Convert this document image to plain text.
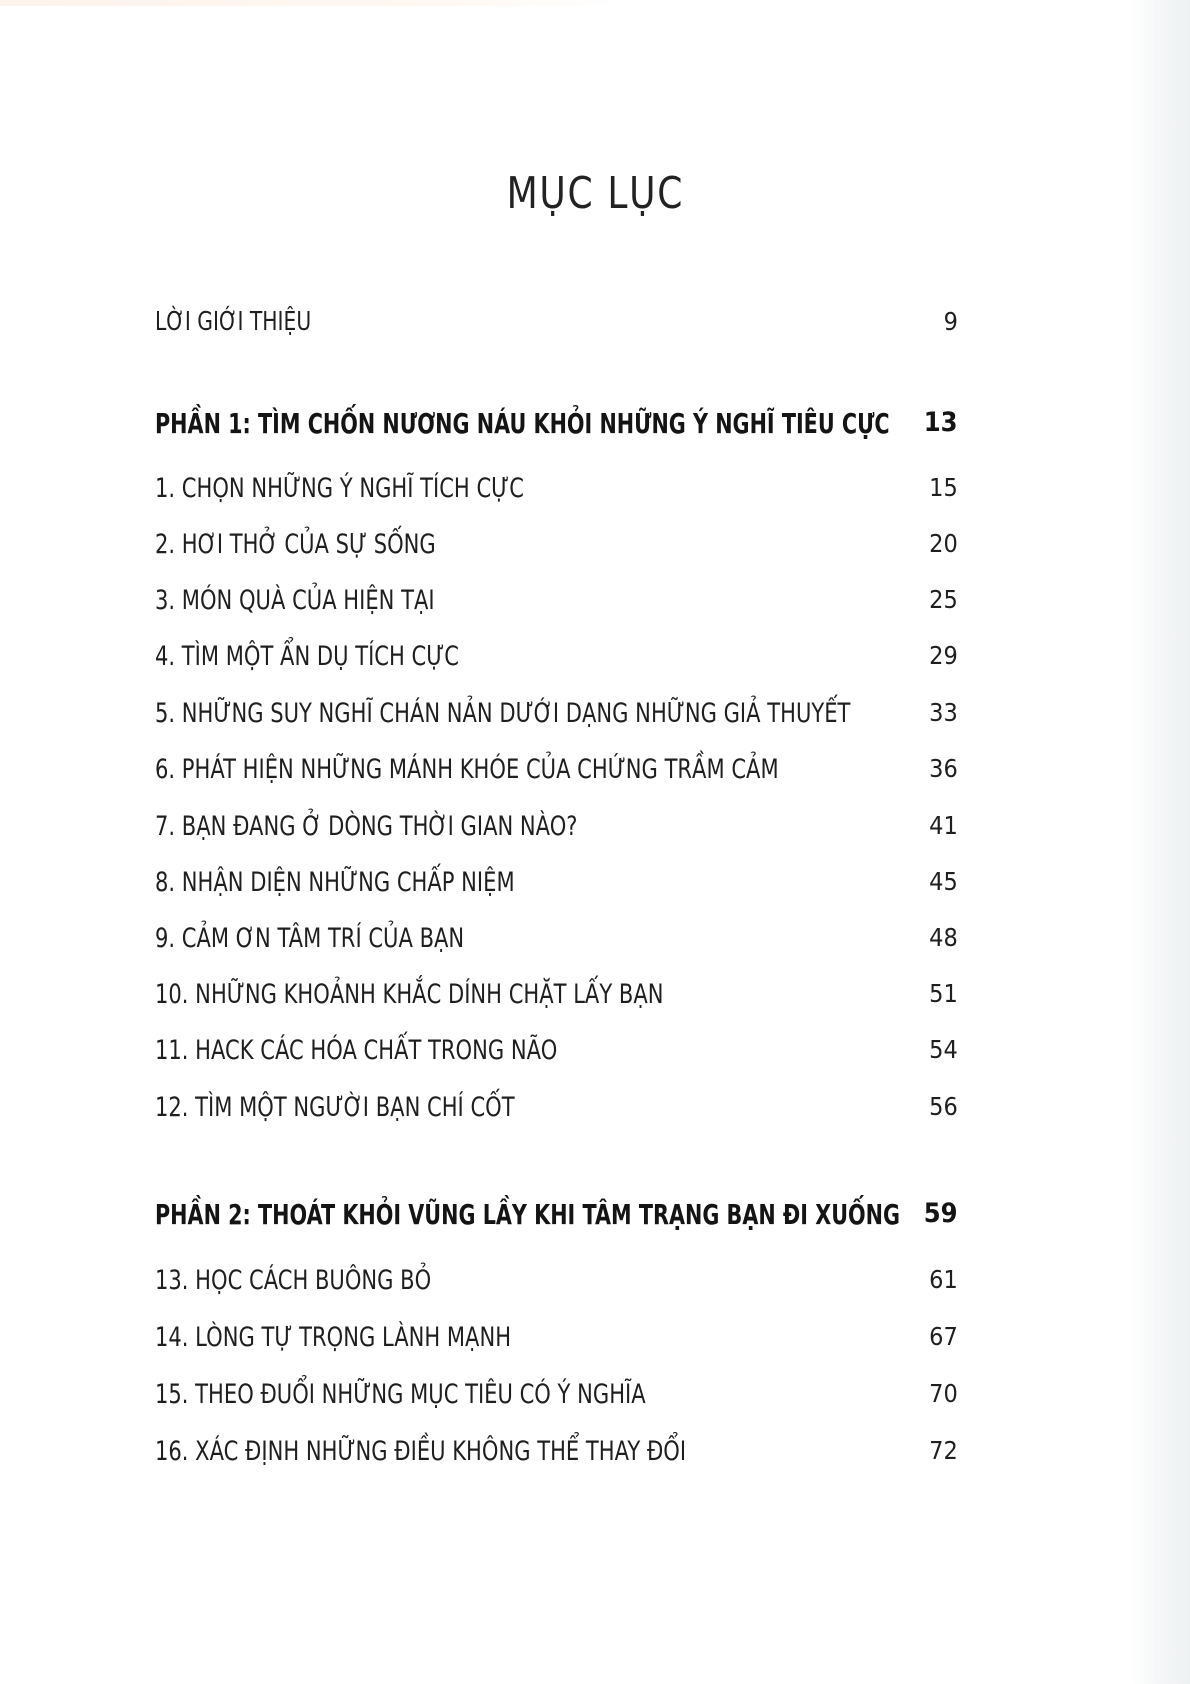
MỤC LỤC
LỜI GIỚI THIỆU	9
PHẦN 1: TÌM CHỐN NƯƠNG NÁU KHỎI NHỮNG Ý NGHĨ TIÊU CỰC 13
1. CHỌN NHỮNG Ý NGHĨ TÍCH CỰC	15
2. HƠI THỞ CỦA SỰ SỐNG	20
3. MÓN QUÀ CỦA HIỆN TẠI	25
4. TÌM MỘT ẨN DỤ TÍCH CỰC	29
5. NHỮNG SUY NGHĨ CHÁN NẢN DƯỚI DẠNG NHỮNG GIẢ THUYẾT	33
6. PHÁT HIỆN NHỮNG MÁNH KHÓE CỦA CHỨNG TRẦM CẢM	36
7. BẠN ĐANG Ở DÒNG THỜI GIAN NÀO?	41
8. NHẬN DIỆN NHỮNG CHẤP NIỆM	45
9. CẢM ƠN TÂM TRÍ CỦA BẠN	48
10. NHỮNG KHOẢNH KHẮC DÍNH CHẶT LẤY BẠN	51
11. HACK CÁC HÓA CHẤT TRONG NÃO	54
12. TÌM MỘT NGƯỜI BẠN CHÍ CỐT	56
PHẦN 2: THOÁT KHỎI VŨNG LẦY KHI TÂM TRẠNG BẠN ĐI XUỐNG 59
13. HỌC CÁCH BUÔNG BỎ	61
14. LÒNG TỰ TRỌNG LÀNH MẠNH	67
15. THEO ĐUỔI NHỮNG MỤC TIÊU CÓ Ý NGHĨA	70
16. XÁC ĐỊNH NHỮNG ĐIỀU KHÔNG THỂ THAY ĐỔI	72
